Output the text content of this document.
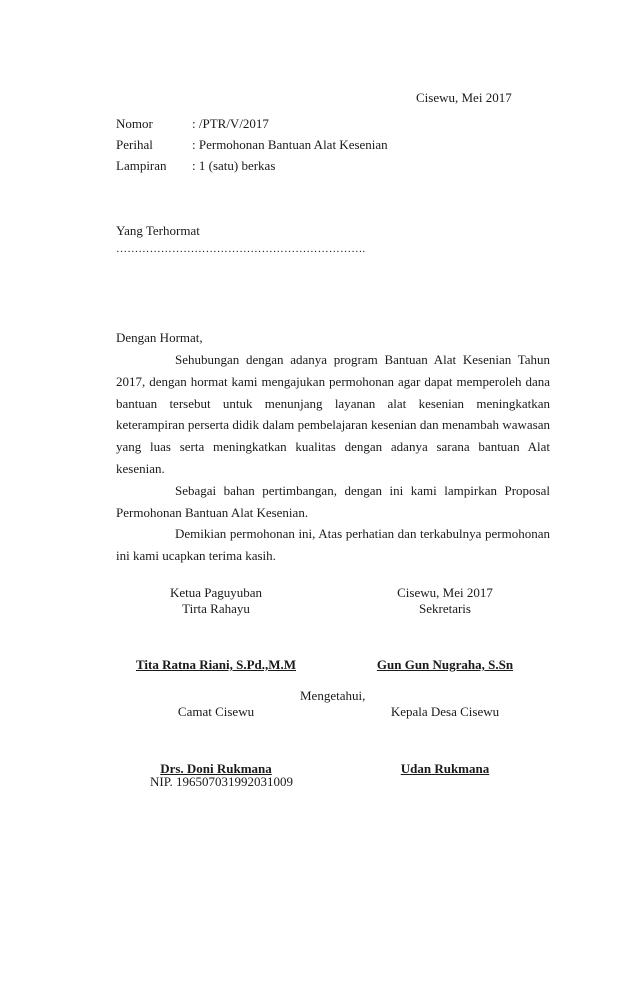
Cisewu, Mei 2017
Nomor	: /PTR/V/2017
Perihal	: Permohonan Bantuan Alat Kesenian
Lampiran : 1 (satu) berkas
Yang Terhormat
………………………………………………………….
Dengan Hormat,

Sehubungan dengan adanya program Bantuan Alat Kesenian Tahun 2017, dengan hormat kami mengajukan permohonan agar dapat memperoleh dana bantuan tersebut untuk menunjang layanan alat kesenian meningkatkan keterampiran perserta didik dalam pembelajaran kesenian dan menambah wawasan yang luas serta meningkatkan kualitas dengan adanya sarana bantuan Alat kesenian.

Sebagai bahan pertimbangan, dengan ini kami lampirkan Proposal Permohonan Bantuan Alat Kesenian.

Demikian permohonan ini, Atas perhatian dan terkabulnya permohonan ini kami ucapkan terima kasih.

Ketua Paguyuban
Tirta Rahayu
Cisewu, Mei 2017
Sekretaris
Tita Ratna Riani, S.Pd.,M.M	Gun Gun Nugraha, S.Sn
Mengetahui,
Camat Cisewu	Kepala Desa Cisewu
Drs. Doni Rukmana	Udan Rukmana
NIP. 196507031992031009
